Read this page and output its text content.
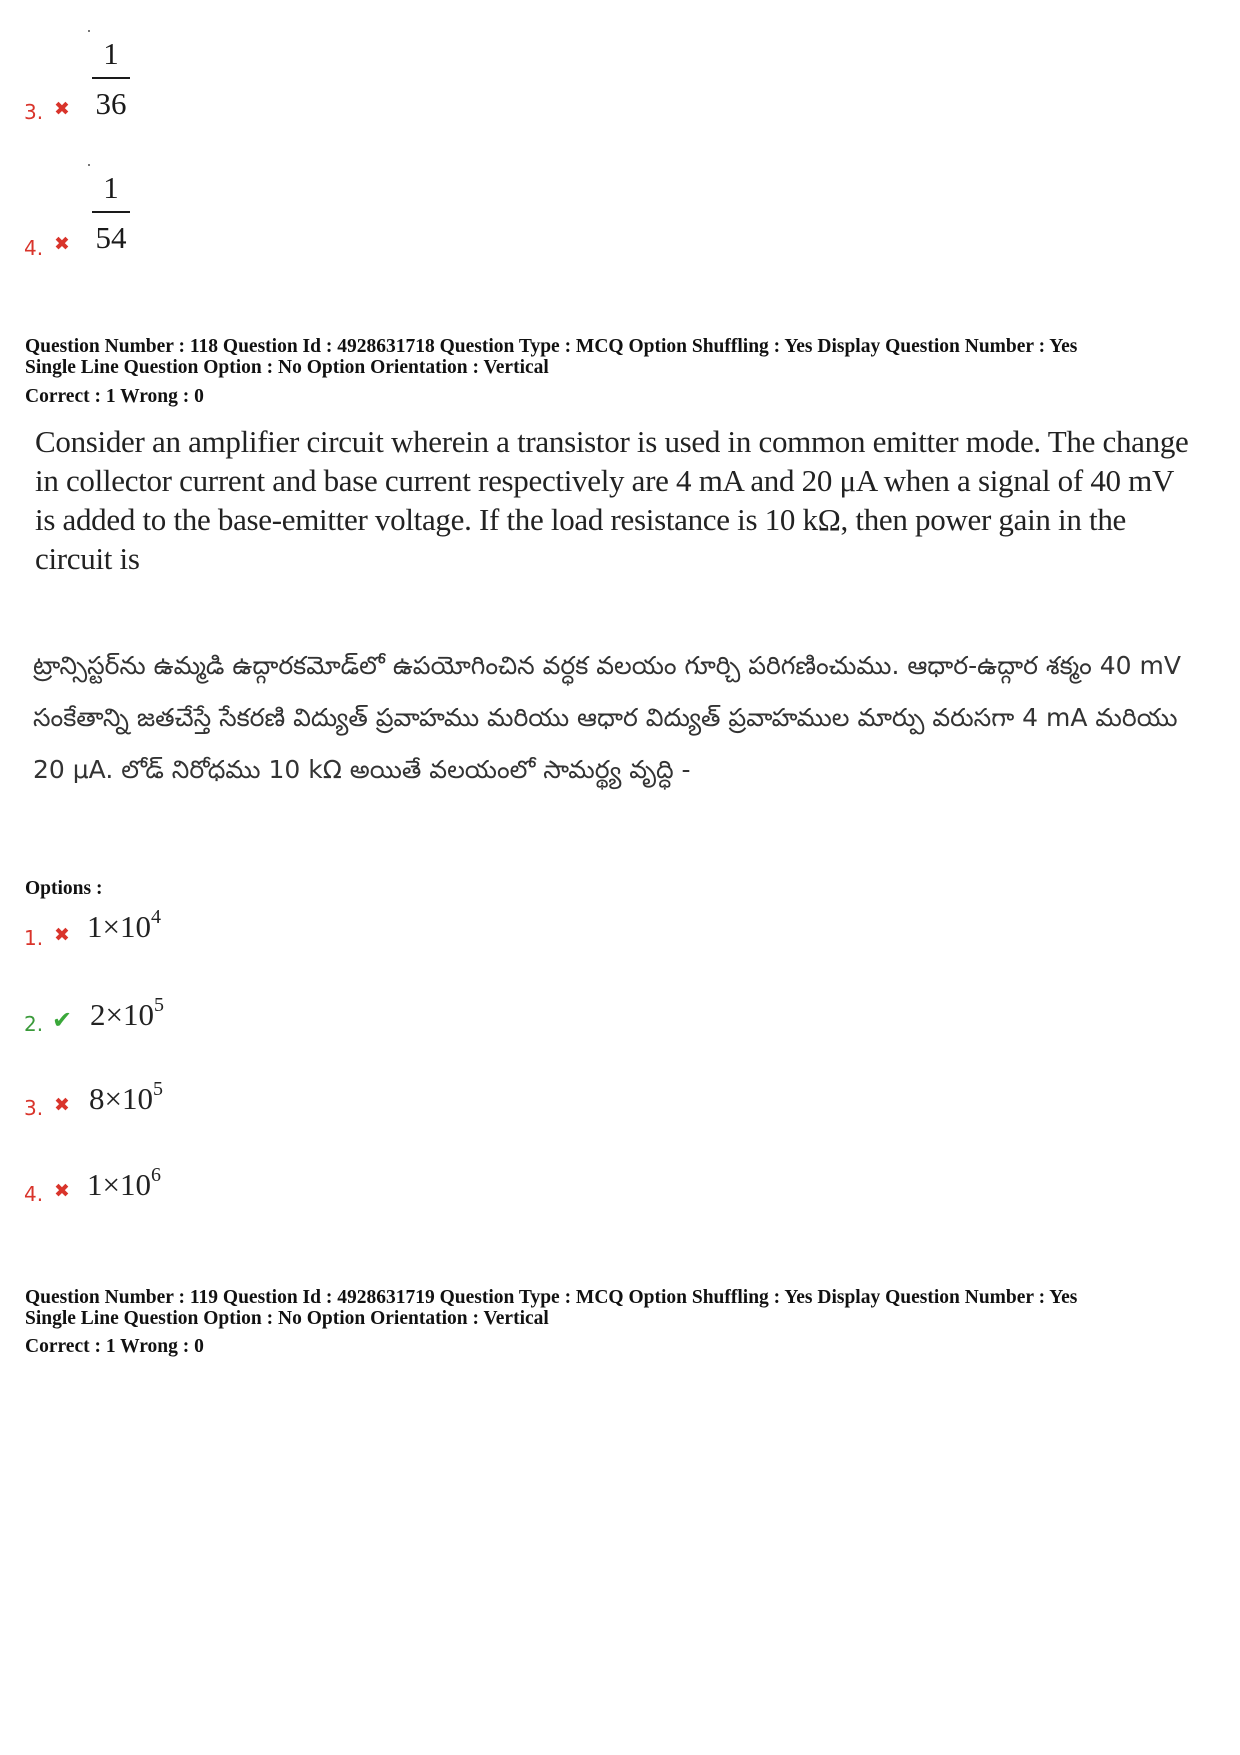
1
36
3. ✖
1
54
4. ✖
Question Number : 118 Question Id : 4928631718 Question Type : MCQ Option Shuffling : Yes Display Question Number : Yes
Single Line Question Option : No Option Orientation : Vertical
Correct : 1 Wrong : 0
Consider an amplifier circuit wherein a transistor is used in common emitter mode. The change in collector current and base current respectively are 4 mA and 20 μA when a signal of 40 mV is added to the base-emitter voltage. If the load resistance is 10 kΩ, then power gain in the circuit is
ట్రాన్సిస్టర్‌ను ఉమ్మడి ఉద్గారకమోడ్‌లో ఉపయోగించిన వర్ధక వలయం గూర్చి పరిగణించుము. ఆధార-ఉద్గార శక్మం 40 mV సంకేతాన్ని జతచేస్తే సేకరణి విద్యుత్ ప్రవాహము మరియు ఆధార విద్యుత్ ప్రవాహముల మార్పు వరుసగా 4 mA మరియు 20 μA. లోడ్ నిరోధము 10 kΩ అయితే వలయంలో సామర్థ్య వృద్ధి -
Options :
1. ✖ $1\times 10^4$
2. ✔ $2\times 10^5$
3. ✖ $8\times 10^5$
4. ✖ $1\times 10^6$
Question Number : 119 Question Id : 4928631719 Question Type : MCQ Option Shuffling : Yes Display Question Number : Yes
Single Line Question Option : No Option Orientation : Vertical
Correct : 1 Wrong : 0
